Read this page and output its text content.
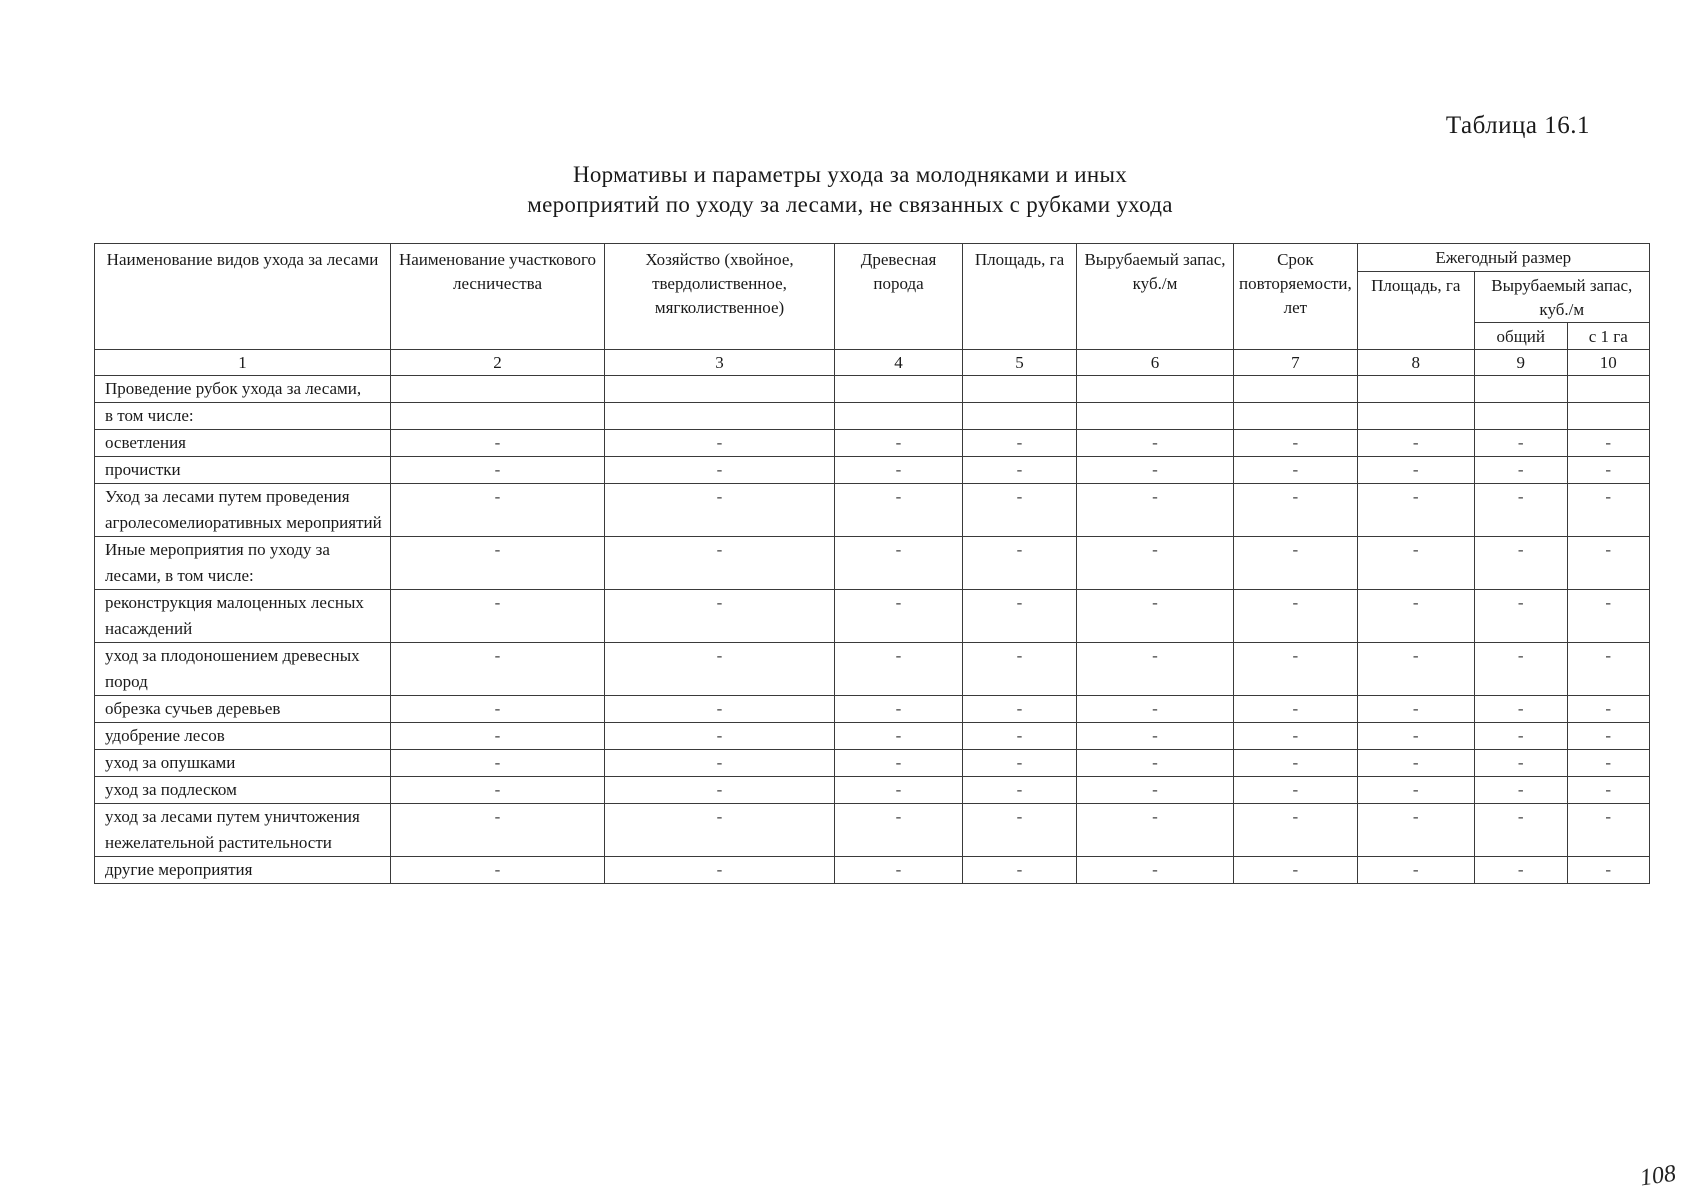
Таблица 16.1
Нормативы и параметры ухода за молодняками и иных
мероприятий по уходу за лесами, не связанных с рубками ухода
Наименование видов ухода за лесами	Наименование участкового лесничества	Хозяйство (хвойное, твердолиственное, мягколиственное)	Древесная порода	Площадь, га	Вырубаемый запас, куб./м	Срок повторяемости, лет	Ежегодный размер		
							Площадь, га	Вырубаемый запас, куб./м	
								общий	с 1 га
1	2	3	4	5	6	7	8	9	10
Проведение рубок ухода за лесами,									
в том числе:									
осветления	-	-	-	-	-	-	-	-	-
прочистки	-	-	-	-	-	-	-	-	-
Уход за лесами путем проведения агролесомелиоративных мероприятий	-	-	-	-	-	-	-	-	-
Иные мероприятия по уходу за лесами, в том числе:	-	-	-	-	-	-	-	-	-
реконструкция малоценных лесных насаждений	-	-	-	-	-	-	-	-	-
уход за плодоношением древесных пород	-	-	-	-	-	-	-	-	-
обрезка сучьев деревьев	-	-	-	-	-	-	-	-	-
удобрение лесов	-	-	-	-	-	-	-	-	-
уход за опушками	-	-	-	-	-	-	-	-	-
уход за подлеском	-	-	-	-	-	-	-	-	-
уход за лесами путем уничтожения нежелательной растительности	-	-	-	-	-	-	-	-	-
другие мероприятия	-	-	-	-	-	-	-	-	-
108
